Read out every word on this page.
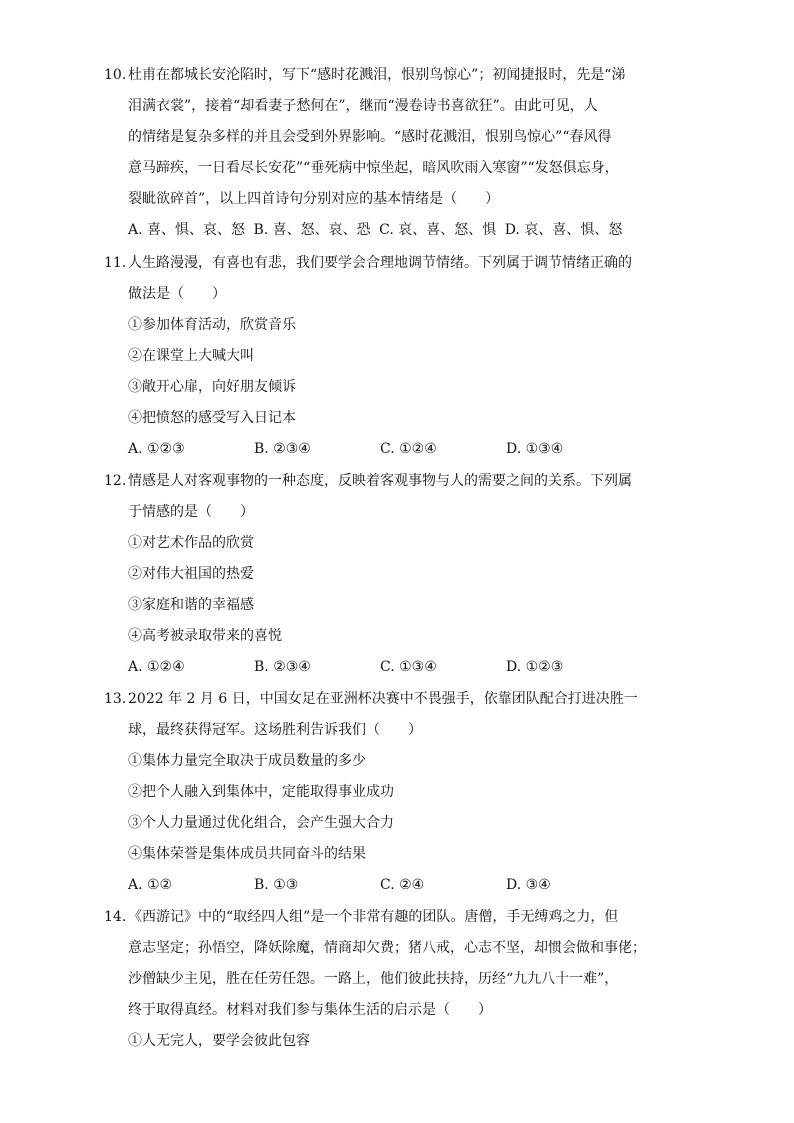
10. 杜甫在都城长安沦陷时，写下“感时花溅泪，恨别鸟惊心”；初闻捷报时，先是“涕
泪满衣裳”，接着“却看妻子愁何在”，继而“漫卷诗书喜欲狂”。由此可见，人
的情绪是复杂多样的并且会受到外界影响。“感时花溅泪，恨别鸟惊心”“春风得
意马蹄疾，一日看尽长安花”“垂死病中惊坐起，暗风吹雨入寒窗”“发怒俱忘身，
裂眦欲碎首”，以上四首诗句分别对应的基本情绪是（　　）
A. 喜、惧、哀、怒 B. 喜、怒、哀、恐 C. 哀、喜、怒、惧 D. 哀、喜、惧、怒
11. 人生路漫漫，有喜也有悲，我们要学会合理地调节情绪。下列属于调节情绪正确的
做法是（　　）
①参加体育活动，欣赏音乐
②在课堂上大喊大叫
③敞开心扉，向好朋友倾诉
④把愤怒的感受写入日记本
A. ①②③	B. ②③④	C. ①②④	D. ①③④
12. 情感是人对客观事物的一种态度，反映着客观事物与人的需要之间的关系。下列属
于情感的是（　　）
①对艺术作品的欣赏
②对伟大祖国的热爱
③家庭和谐的幸福感
④高考被录取带来的喜悦
A. ①②④	B. ②③④	C. ①③④	D. ①②③
13. 2022 年 2 月 6 日，中国女足在亚洲杯决赛中不畏强手，依靠团队配合打进决胜一
球，最终获得冠军。这场胜利告诉我们（　　）
①集体力量完全取决于成员数量的多少
②把个人融入到集体中，定能取得事业成功
③个人力量通过优化组合，会产生强大合力
④集体荣誉是集体成员共同奋斗的结果
A. ①②	B. ①③	C. ②④	D. ③④
14. 《西游记》中的“取经四人组”是一个非常有趣的团队。唐僧，手无缚鸡之力，但
意志坚定；孙悟空，降妖除魔，情商却欠费；猪八戒，心志不坚，却惯会做和事佬；
沙僧缺少主见，胜在任劳任怨。一路上，他们彼此扶持，历经“九九八十一难”，
终于取得真经。材料对我们参与集体生活的启示是（　　）
①人无完人，要学会彼此包容
